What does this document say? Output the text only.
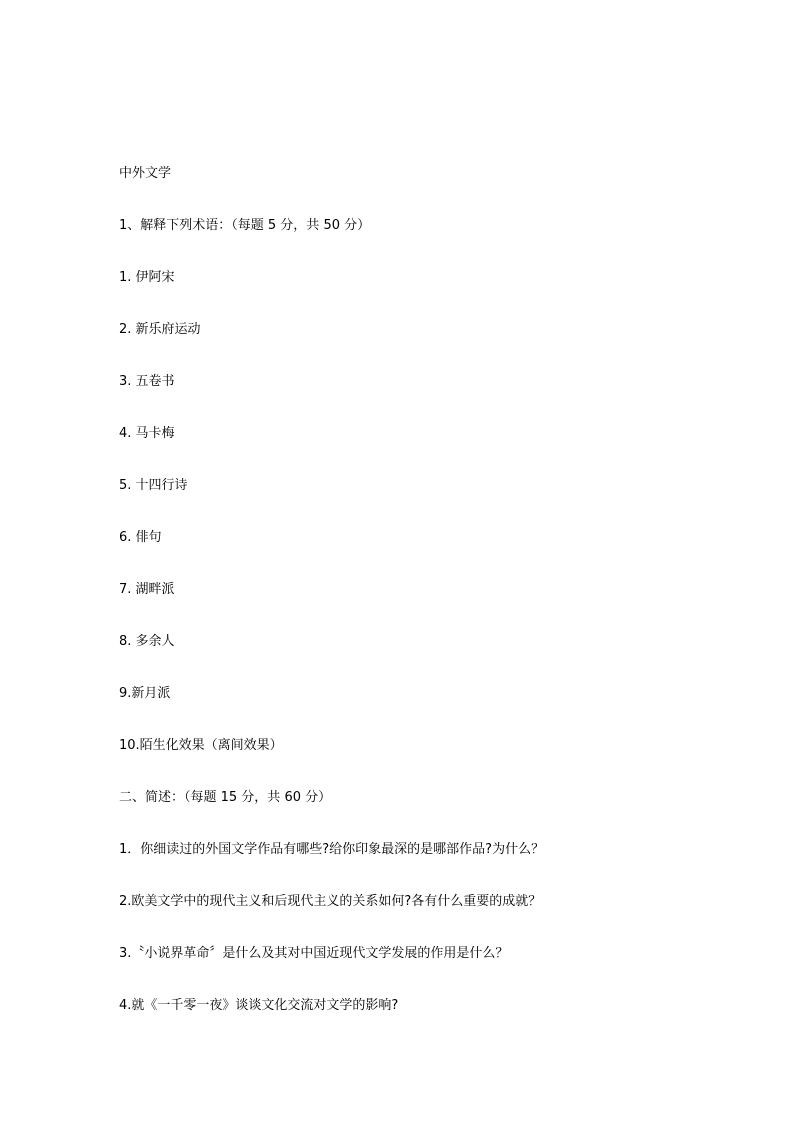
中外文学
1、解释下列术语：（每题 5 分，共 50 分）
1. 伊阿宋
2. 新乐府运动
3. 五卷书
4. 马卡梅
5. 十四行诗
6. 俳句
7. 湖畔派
8. 多余人
9.新月派
10.陌生化效果（离间效果）
二、简述：（每题 15 分，共 60 分）
1．你细读过的外国文学作品有哪些?给你印象最深的是哪部作品?为什么？
2.欧美文学中的现代主义和后现代主义的关系如何?各有什么重要的成就？
3.〝小说界革命〞是什么及其对中国近现代文学发展的作用是什么？
4.就《一千零一夜》谈谈文化交流对文学的影响?
